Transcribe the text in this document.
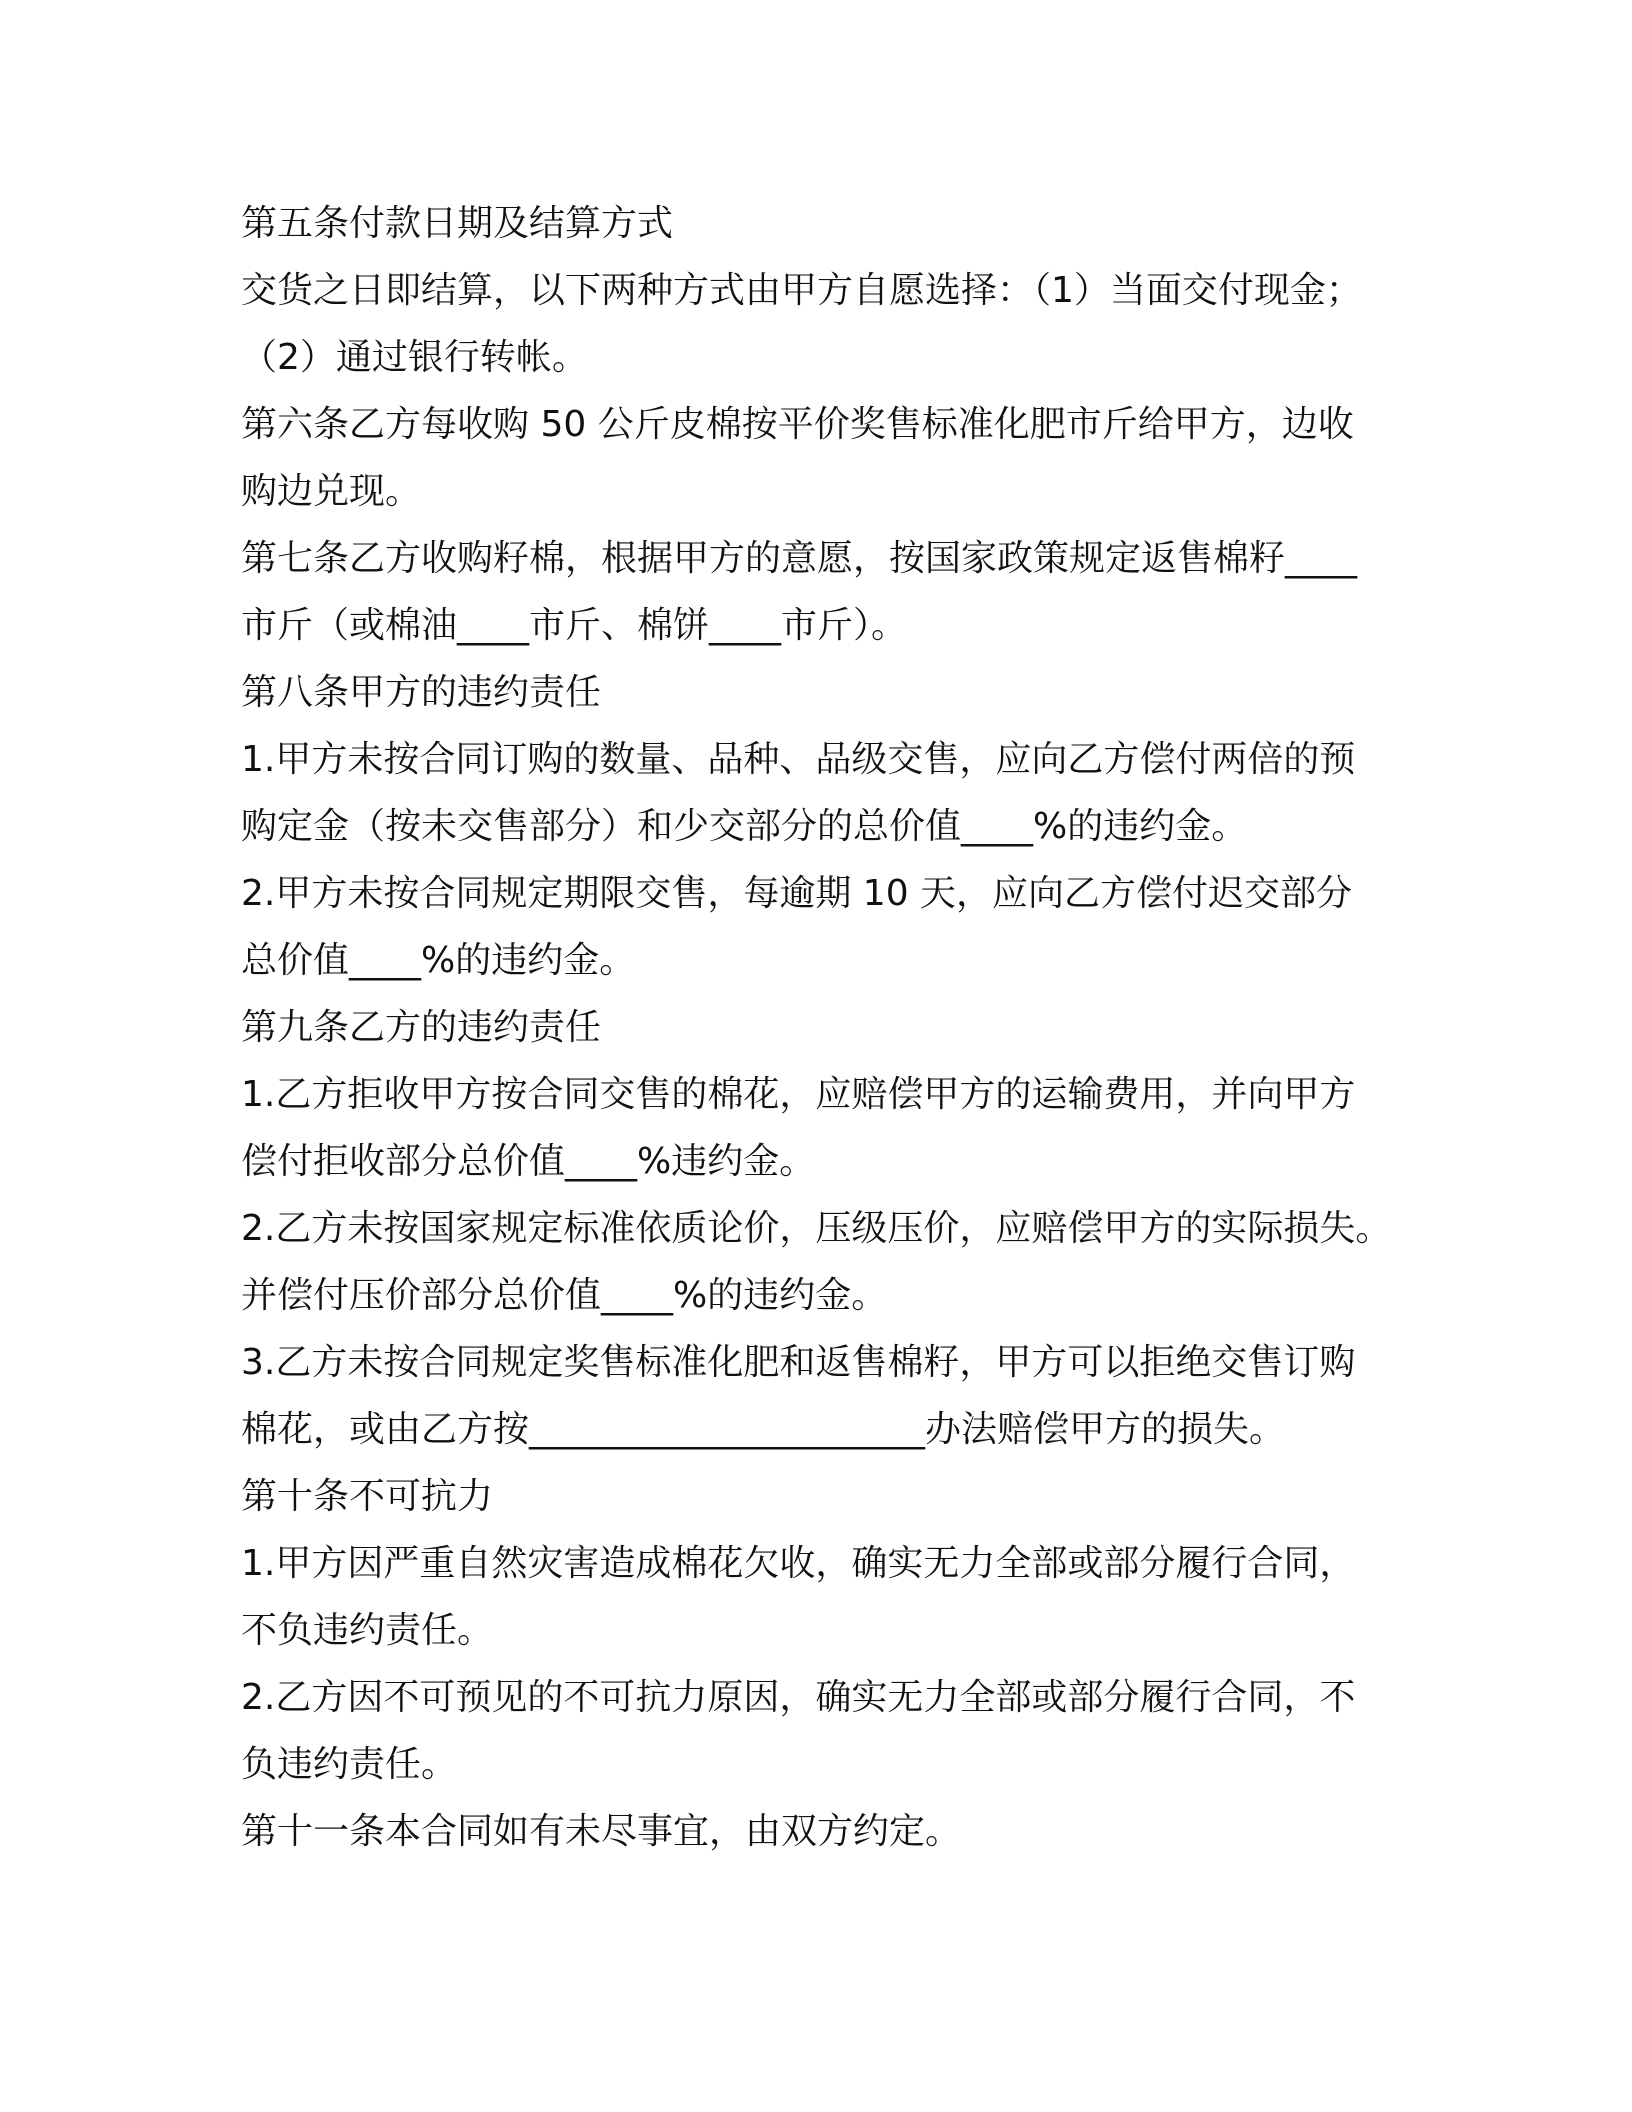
第五条付款日期及结算方式
交货之日即结算，以下两种方式由甲方自愿选择：（1）当面交付现金；
（2）通过银行转帐。
第六条乙方每收购 50 公斤皮棉按平价奖售标准化肥市斤给甲方，边收
购边兑现。
第七条乙方收购籽棉，根据甲方的意愿，按国家政策规定返售棉籽____
市斤（或棉油____市斤、棉饼____市斤）。
第八条甲方的违约责任
1.甲方未按合同订购的数量、品种、品级交售，应向乙方偿付两倍的预
购定金（按未交售部分）和少交部分的总价值____%的违约金。
2.甲方未按合同规定期限交售，每逾期 10 天，应向乙方偿付迟交部分
总价值____%的违约金。
第九条乙方的违约责任
1.乙方拒收甲方按合同交售的棉花，应赔偿甲方的运输费用，并向甲方
偿付拒收部分总价值____%违约金。
2.乙方未按国家规定标准依质论价，压级压价，应赔偿甲方的实际损失。
并偿付压价部分总价值____%的违约金。
3.乙方未按合同规定奖售标准化肥和返售棉籽，甲方可以拒绝交售订购
棉花，或由乙方按______________________办法赔偿甲方的损失。
第十条不可抗力
1.甲方因严重自然灾害造成棉花欠收，确实无力全部或部分履行合同，
不负违约责任。
2.乙方因不可预见的不可抗力原因，确实无力全部或部分履行合同，不
负违约责任。
第十一条本合同如有未尽事宜，由双方约定。
